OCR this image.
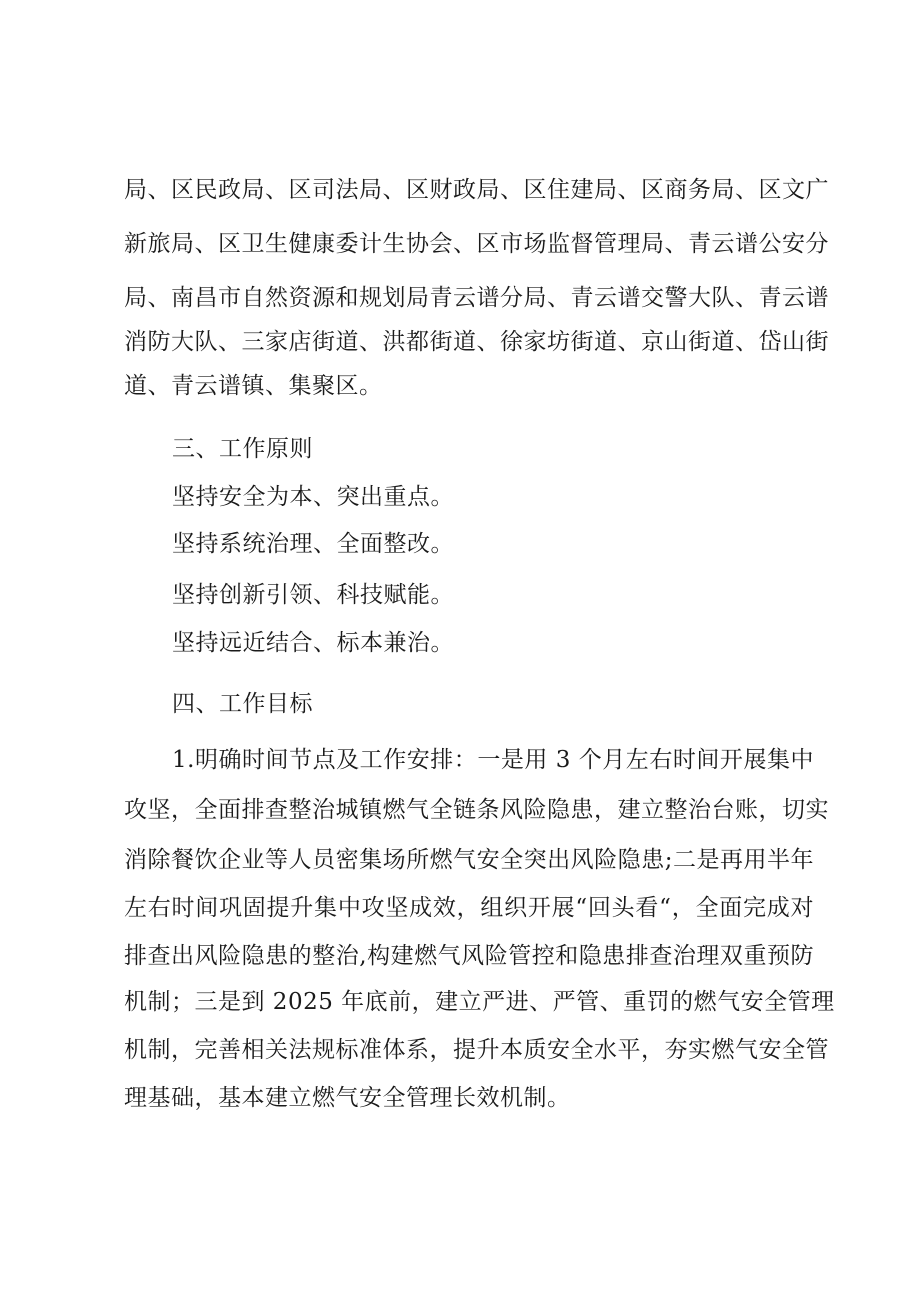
局、区民政局、区司法局、区财政局、区住建局、区商务局、区文广
新旅局、区卫生健康委计生协会、区市场监督管理局、青云谱公安分
局、南昌市自然资源和规划局青云谱分局、青云谱交警大队、青云谱
消防大队、三家店街道、洪都街道、徐家坊街道、京山街道、岱山街
道、青云谱镇、集聚区。
三、工作原则
坚持安全为本、突出重点。
坚持系统治理、全面整改。
坚持创新引领、科技赋能。
坚持远近结合、标本兼治。
四、工作目标
1.明确时间节点及工作安排：一是用 3 个月左右时间开展集中
攻坚，全面排查整治城镇燃气全链条风险隐患，建立整治台账，切实
消除餐饮企业等人员密集场所燃气安全突出风险隐患;二是再用半年
左右时间巩固提升集中攻坚成效，组织开展“回头看“，全面完成对
排查出风险隐患的整治,构建燃气风险管控和隐患排查治理双重预防
机制；三是到 2025 年底前，建立严进、严管、重罚的燃气安全管理
机制，完善相关法规标准体系，提升本质安全水平，夯实燃气安全管
理基础，基本建立燃气安全管理长效机制。
